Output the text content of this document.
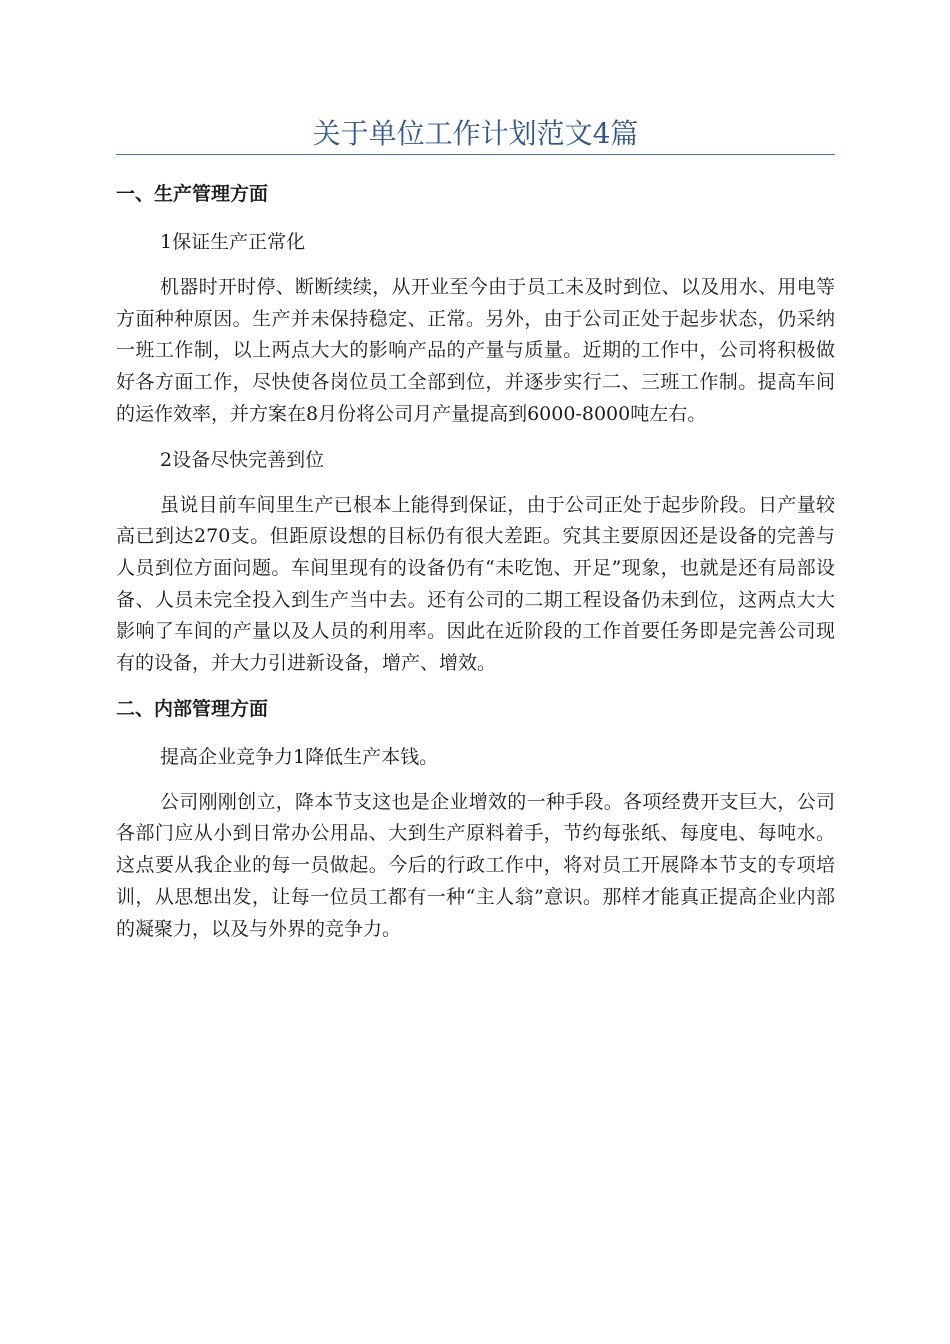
关于单位工作计划范文4篇
一、生产管理方面

1保证生产正常化

机器时开时停、断断续续，从开业至今由于员工未及时到位、以及用水、用电等方面种种原因。生产并未保持稳定、正常。另外，由于公司正处于起步状态，仍采纳一班工作制，以上两点大大的影响产品的产量与质量。近期的工作中，公司将积极做好各方面工作，尽快使各岗位员工全部到位，并逐步实行二、三班工作制。提高车间的运作效率，并方案在8月份将公司月产量提高到6000-8000吨左右。

2设备尽快完善到位

虽说目前车间里生产已根本上能得到保证，由于公司正处于起步阶段。日产量较高已到达270支。但距原设想的目标仍有很大差距。究其主要原因还是设备的完善与人员到位方面问题。车间里现有的设备仍有“未吃饱、开足”现象，也就是还有局部设备、人员未完全投入到生产当中去。还有公司的二期工程设备仍未到位，这两点大大影响了车间的产量以及人员的利用率。因此在近阶段的工作首要任务即是完善公司现有的设备，并大力引进新设备，增产、增效。

二、内部管理方面

提高企业竞争力1降低生产本钱。

公司刚刚创立，降本节支这也是企业增效的一种手段。各项经费开支巨大，公司各部门应从小到日常办公用品、大到生产原料着手，节约每张纸、每度电、每吨水。这点要从我企业的每一员做起。今后的行政工作中，将对员工开展降本节支的专项培训，从思想出发，让每一位员工都有一种“主人翁”意识。那样才能真正提高企业内部的凝聚力，以及与外界的竞争力。
